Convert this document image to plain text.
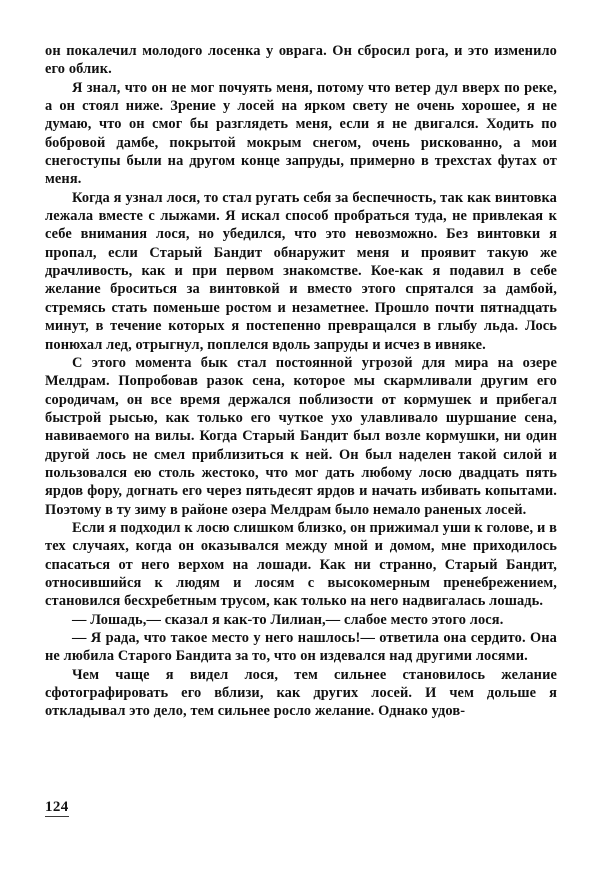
он покалечил молодого лосенка у оврага. Он сбросил рога, и это изменило его облик.

Я знал, что он не мог почуять меня, потому что ветер дул вверх по реке, а он стоял ниже. Зрение у лосей на ярком свету не очень хорошее, я не думаю, что он смог бы разглядеть меня, если я не двигался. Ходить по бобровой дамбе, покрытой мокрым снегом, очень рискованно, а мои снегоступы были на другом конце запруды, примерно в трехстах футах от меня.

Когда я узнал лося, то стал ругать себя за беспечность, так как винтовка лежала вместе с лыжами. Я искал способ пробраться туда, не привлекая к себе внимания лося, но убедился, что это невозможно. Без винтовки я пропал, если Старый Бандит обнаружит меня и проявит такую же драчливость, как и при первом знакомстве. Кое-как я подавил в себе желание броситься за винтовкой и вместо этого спрятался за дамбой, стремясь стать поменьше ростом и незаметнее. Прошло почти пятнадцать минут, в течение которых я постепенно превращался в глыбу льда. Лось понюхал лед, отрыгнул, поплелся вдоль запруды и исчез в ивняке.

С этого момента бык стал постоянной угрозой для мира на озере Мелдрам. Попробовав разок сена, которое мы скармливали другим его сородичам, он все время держался поблизости от кормушек и прибегал быстрой рысью, как только его чуткое ухо улавливало шуршание сена, навиваемого на вилы. Когда Старый Бандит был возле кормушки, ни один другой лось не смел приблизиться к ней. Он был наделен такой силой и пользовался ею столь жестоко, что мог дать любому лосю двадцать пять ярдов фору, догнать его через пятьдесят ярдов и начать избивать копытами. Поэтому в ту зиму в районе озера Мелдрам было немало раненых лосей.

Если я подходил к лосю слишком близко, он прижимал уши к голове, и в тех случаях, когда он оказывался между мной и домом, мне приходилось спасаться от него верхом на лошади. Как ни странно, Старый Бандит, относившийся к людям и лосям с высокомерным пренебрежением, становился бесхребетным трусом, как только на него надвигалась лошадь.

— Лошадь,— сказал я как-то Лилиан,— слабое место этого лося.

— Я рада, что такое место у него нашлось!— ответила она сердито. Она не любила Старого Бандита за то, что он издевался над другими лосями.

Чем чаще я видел лося, тем сильнее становилось желание сфотографировать его вблизи, как других лосей. И чем дольше я откладывал это дело, тем сильнее росло желание. Однако удов-

124
